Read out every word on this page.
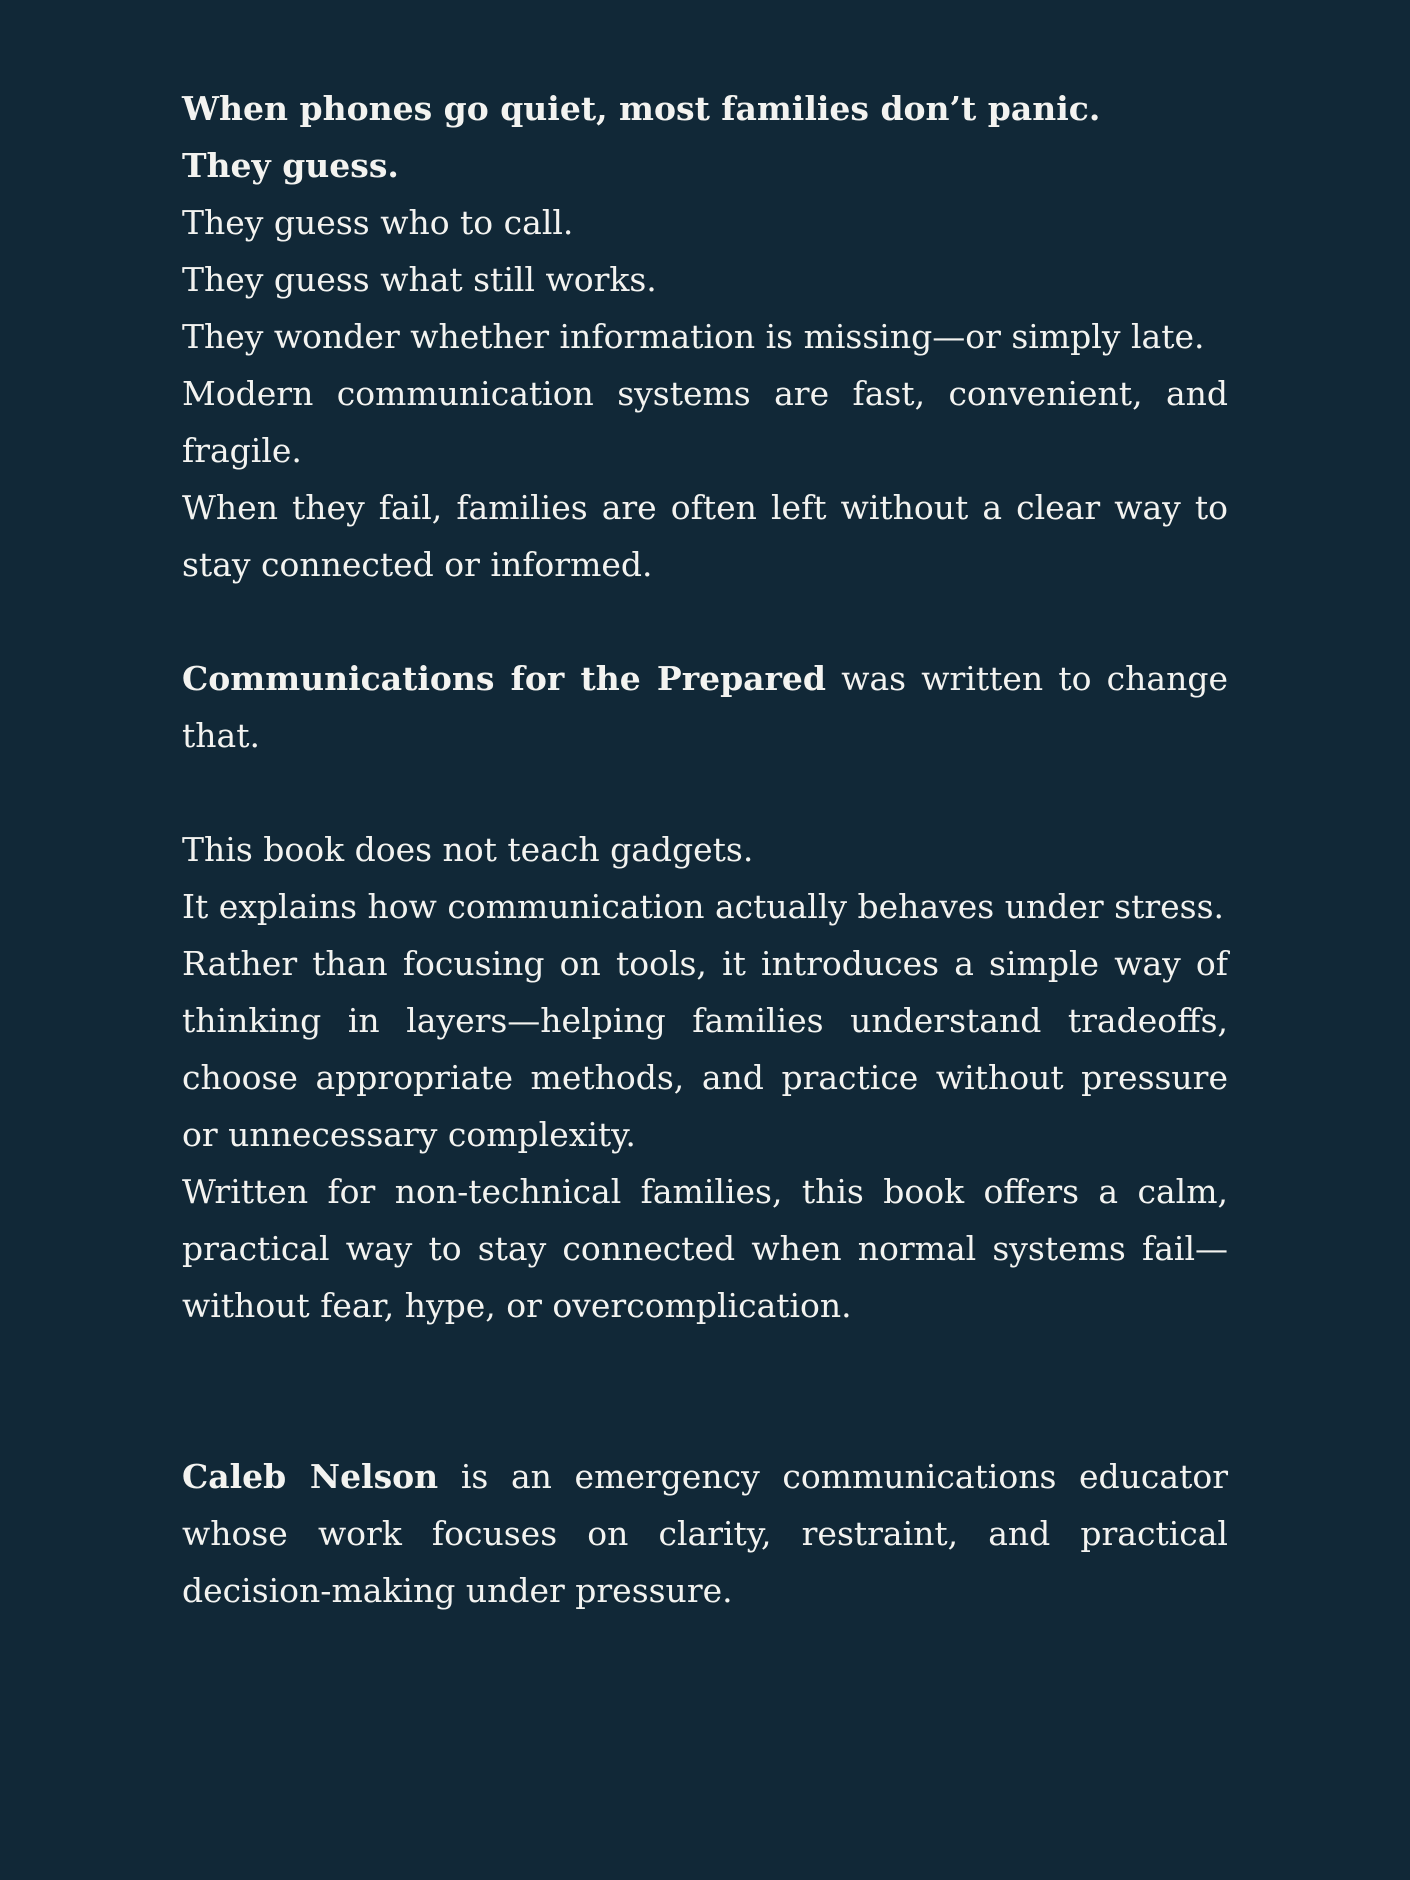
When phones go quiet, most families don’t panic.
They guess.
They guess who to call.
They guess what still works.
They wonder whether information is missing—or simply late.
Modern communication systems are fast, convenient, and fragile.
When they fail, families are often left without a clear way to stay connected or informed.
Communications for the Prepared was written to change that.
This book does not teach gadgets.
It explains how communication actually behaves under stress.
Rather than focusing on tools, it introduces a simple way of thinking in layers—helping families understand tradeoffs, choose appropriate methods, and practice without pressure or unnecessary complexity.
Written for non-technical families, this book offers a calm, practical way to stay connected when normal systems fail—without fear, hype, or overcomplication.
Caleb Nelson is an emergency communications educator whose work focuses on clarity, restraint, and practical decision-making under pressure.
